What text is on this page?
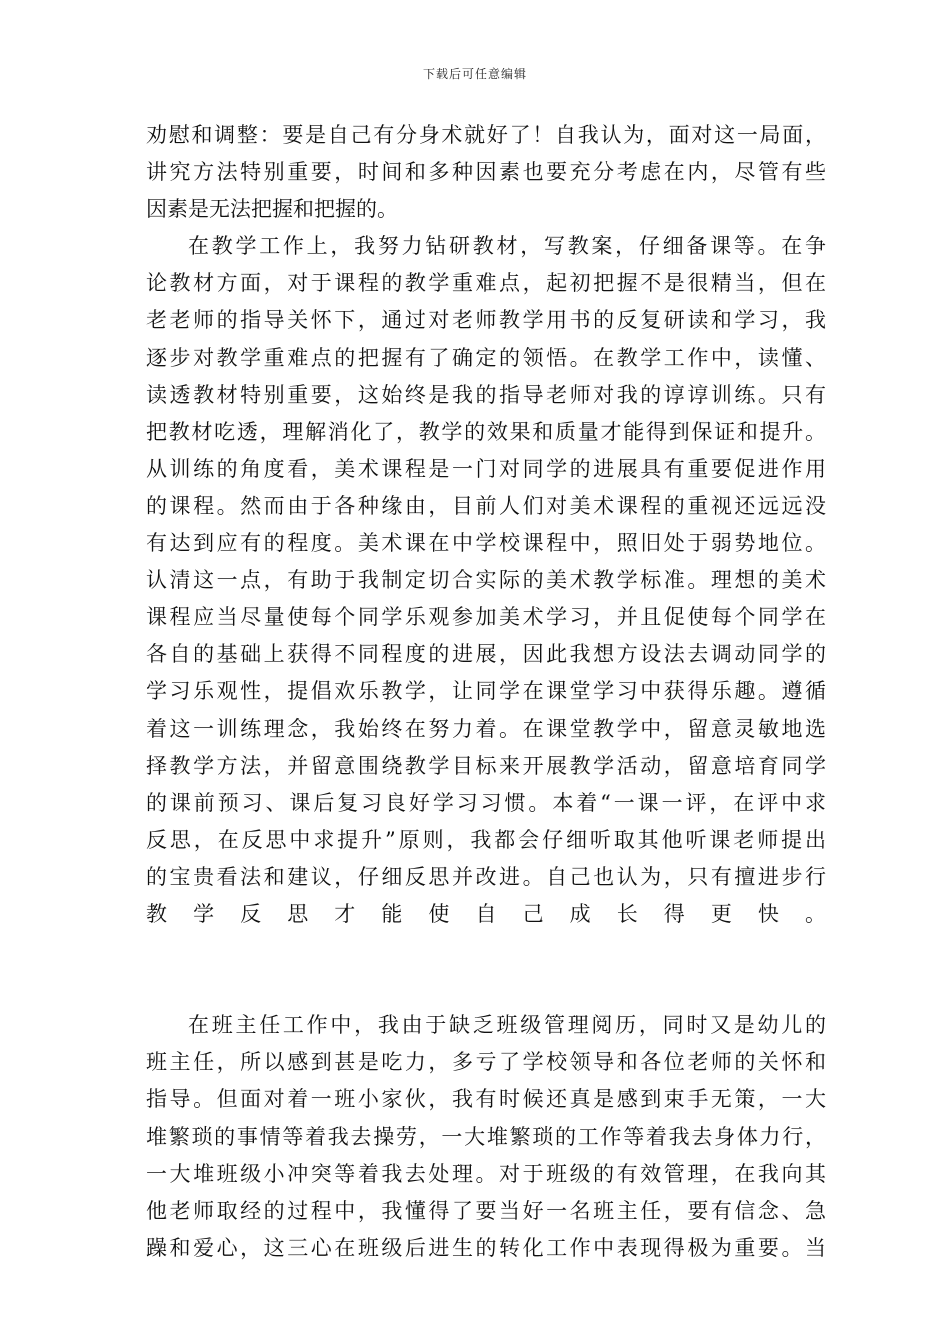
下载后可任意编辑
劝慰和调整：要是自己有分身术就好了！自我认为，面对这一局面，
讲究方法特别重要，时间和多种因素也要充分考虑在内，尽管有些
因素是无法把握和把握的。
在教学工作上，我努力钻研教材，写教案，仔细备课等。在争
论教材方面，对于课程的教学重难点，起初把握不是很精当，但在
老老师的指导关怀下，通过对老师教学用书的反复研读和学习，我
逐步对教学重难点的把握有了确定的领悟。在教学工作中，读懂、
读透教材特别重要，这始终是我的指导老师对我的谆谆训练。只有
把教材吃透，理解消化了，教学的效果和质量才能得到保证和提升。
从训练的角度看，美术课程是一门对同学的进展具有重要促进作用
的课程。然而由于各种缘由，目前人们对美术课程的重视还远远没
有达到应有的程度。美术课在中学校课程中，照旧处于弱势地位。
认清这一点，有助于我制定切合实际的美术教学标准。理想的美术
课程应当尽量使每个同学乐观参加美术学习，并且促使每个同学在
各自的基础上获得不同程度的进展，因此我想方设法去调动同学的
学习乐观性，提倡欢乐教学，让同学在课堂学习中获得乐趣。遵循
着这一训练理念，我始终在努力着。在课堂教学中，留意灵敏地选
择教学方法，并留意围绕教学目标来开展教学活动，留意培育同学
的课前预习、课后复习良好学习习惯。本着“一课一评，在评中求
反思，在反思中求提升”原则，我都会仔细听取其他听课老师提出
的宝贵看法和建议，仔细反思并改进。自己也认为，只有擅进步行
教学反思才能使自己成长得更快。
在班主任工作中，我由于缺乏班级管理阅历，同时又是幼儿的
班主任，所以感到甚是吃力，多亏了学校领导和各位老师的关怀和
指导。但面对着一班小家伙，我有时候还真是感到束手无策，一大
堆繁琐的事情等着我去操劳，一大堆繁琐的工作等着我去身体力行，
一大堆班级小冲突等着我去处理。对于班级的有效管理，在我向其
他老师取经的过程中，我懂得了要当好一名班主任，要有信念、急
躁和爱心，这三心在班级后进生的转化工作中表现得极为重要。当
